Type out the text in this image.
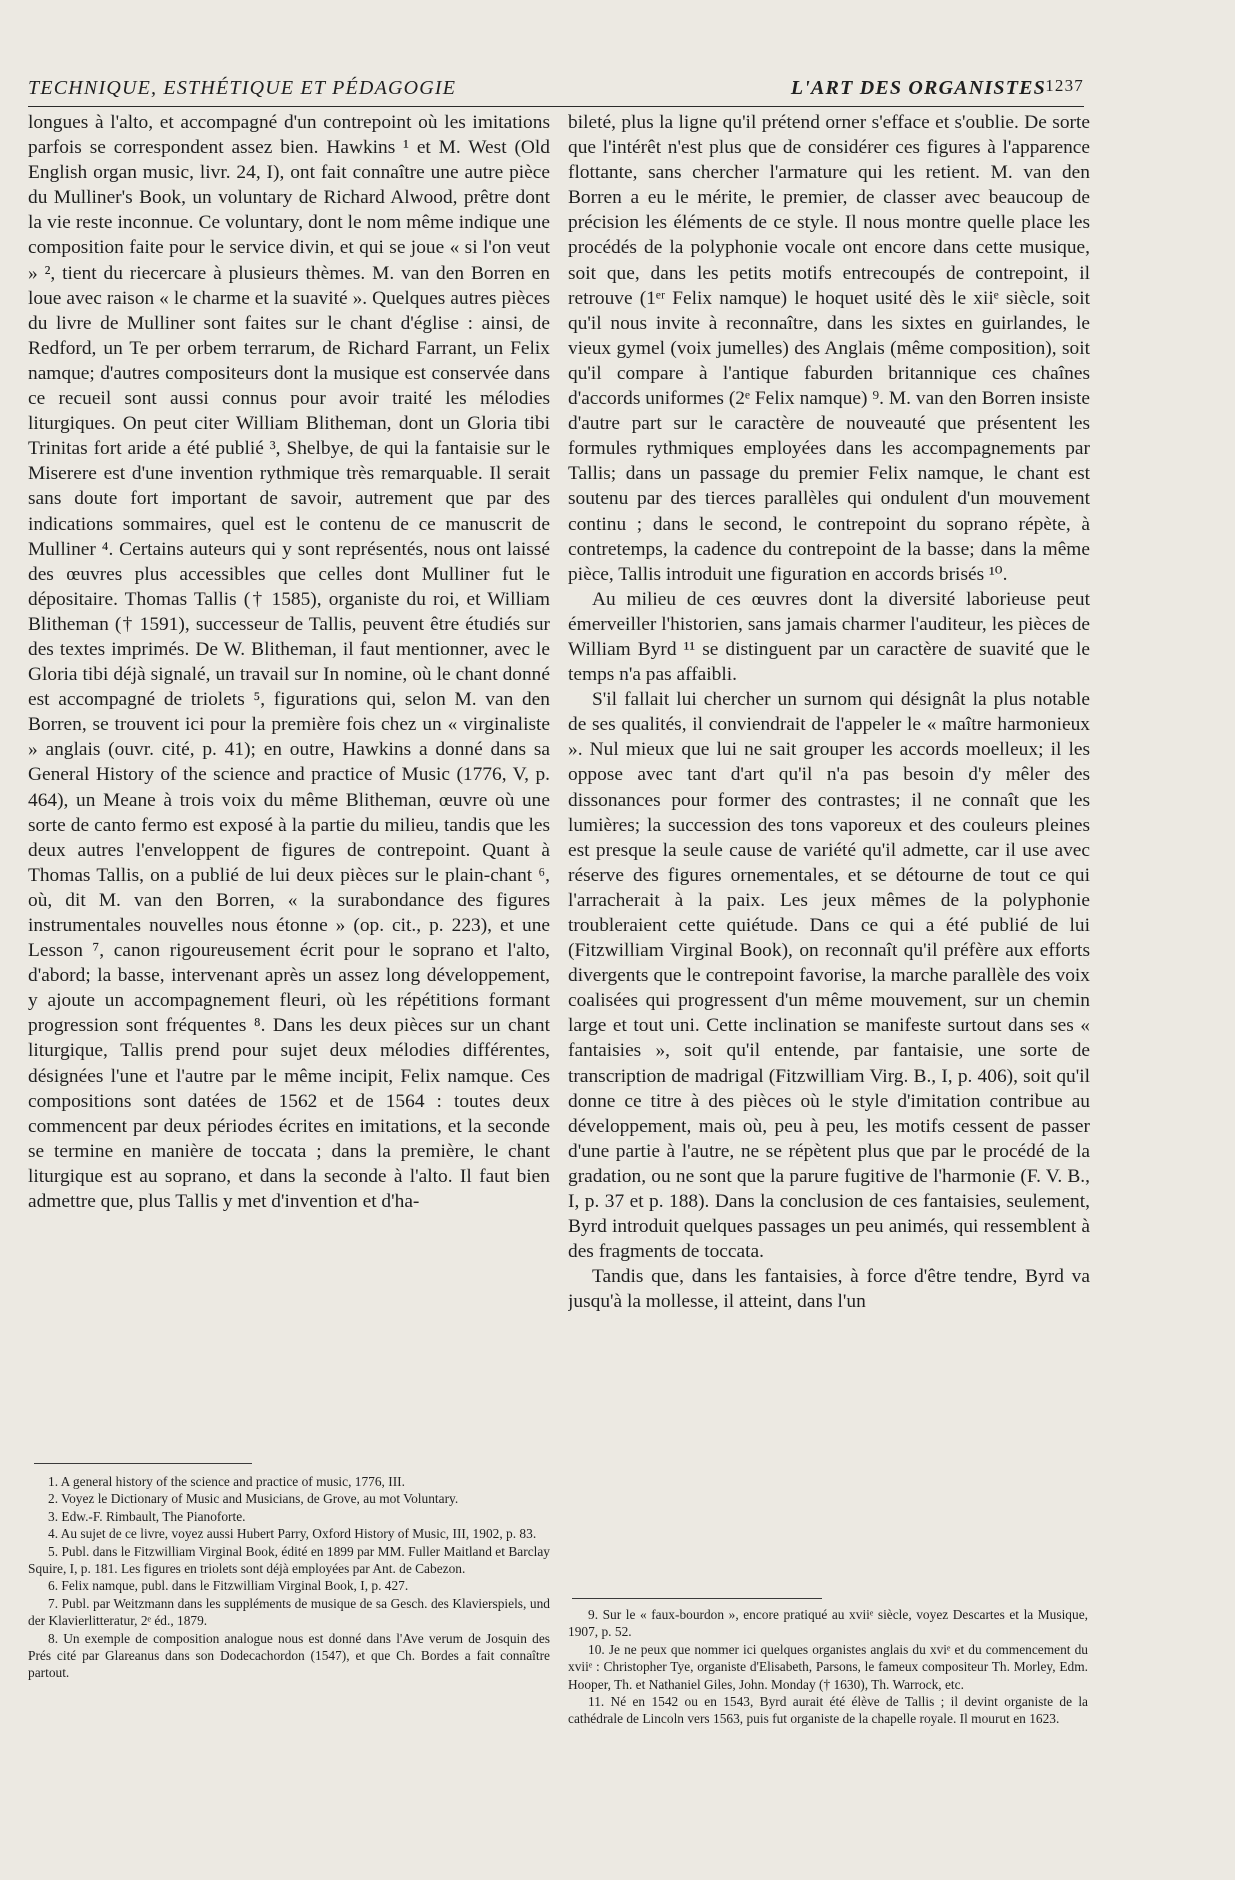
TECHNIQUE, ESTHÉTIQUE ET PÉDAGOGIE	L'ART DES ORGANISTES 1237

longues à l'alto, et accompagné d'un contrepoint où les imitations parfois se correspondent assez bien. Hawkins ¹ et M. West (Old English organ music, livr. 24, I), ont fait connaître une autre pièce du Mulliner's Book, un voluntary de Richard Alwood, prêtre dont la vie reste inconnue. Ce voluntary, dont le nom même indique une composition faite pour le service divin, et qui se joue « si l'on veut » ², tient du riecercare à plusieurs thèmes. M. van den Borren en loue avec raison « le charme et la suavité ». Quelques autres pièces du livre de Mulliner sont faites sur le chant d'église : ainsi, de Redford, un Te per orbem terrarum, de Richard Farrant, un Felix namque; d'autres compositeurs dont la musique est conservée dans ce recueil sont aussi connus pour avoir traité les mélodies liturgiques. On peut citer William Blitheman, dont un Gloria tibi Trinitas fort aride a été publié ³, Shelbye, de qui la fantaisie sur le Miserere est d'une invention rythmique très remarquable. Il serait sans doute fort important de savoir, autrement que par des indications sommaires, quel est le contenu de ce manuscrit de Mulliner ⁴. Certains auteurs qui y sont représentés, nous ont laissé des œuvres plus accessibles que celles dont Mulliner fut le dépositaire. Thomas Tallis († 1585), organiste du roi, et William Blitheman († 1591), successeur de Tallis, peuvent être étudiés sur des textes imprimés. De W. Blitheman, il faut mentionner, avec le Gloria tibi déjà signalé, un travail sur In nomine, où le chant donné est accompagné de triolets ⁵, figurations qui, selon M. van den Borren, se trouvent ici pour la première fois chez un « virginaliste » anglais (ouvr. cité, p. 41); en outre, Hawkins a donné dans sa General History of the science and practice of Music (1776, V, p. 464), un Meane à trois voix du même Blitheman, œuvre où une sorte de canto fermo est exposé à la partie du milieu, tandis que les deux autres l'enveloppent de figures de contrepoint. Quant à Thomas Tallis, on a publié de lui deux pièces sur le plain-chant ⁶, où, dit M. van den Borren, « la surabondance des figures instrumentales nouvelles nous étonne » (op. cit., p. 223), et une Lesson ⁷, canon rigoureusement écrit pour le soprano et l'alto, d'abord; la basse, intervenant après un assez long développement, y ajoute un accompagnement fleuri, où les répétitions formant progression sont fréquentes ⁸. Dans les deux pièces sur un chant liturgique, Tallis prend pour sujet deux mélodies différentes, désignées l'une et l'autre par le même incipit, Felix namque. Ces compositions sont datées de 1562 et de 1564 : toutes deux commencent par deux périodes écrites en imitations, et la seconde se termine en manière de toccata ; dans la première, le chant liturgique est au soprano, et dans la seconde à l'alto. Il faut bien admettre que, plus Tallis y met d'invention et d'ha-

bileté, plus la ligne qu'il prétend orner s'efface et s'oublie. De sorte que l'intérêt n'est plus que de considérer ces figures à l'apparence flottante, sans chercher l'armature qui les retient. M. van den Borren a eu le mérite, le premier, de classer avec beaucoup de précision les éléments de ce style. Il nous montre quelle place les procédés de la polyphonie vocale ont encore dans cette musique, soit que, dans les petits motifs entrecoupés de contrepoint, il retrouve (1ᵉʳ Felix namque) le hoquet usité dès le xiiᵉ siècle, soit qu'il nous invite à reconnaître, dans les sixtes en guirlandes, le vieux gymel (voix jumelles) des Anglais (même composition), soit qu'il compare à l'antique faburden britannique ces chaînes d'accords uniformes (2ᵉ Felix namque) ⁹. M. van den Borren insiste d'autre part sur le caractère de nouveauté que présentent les formules rythmiques employées dans les accompagnements par Tallis; dans un passage du premier Felix namque, le chant est soutenu par des tierces parallèles qui ondulent d'un mouvement continu ; dans le second, le contrepoint du soprano répète, à contretemps, la cadence du contrepoint de la basse; dans la même pièce, Tallis introduit une figuration en accords brisés ¹⁰.

Au milieu de ces œuvres dont la diversité laborieuse peut émerveiller l'historien, sans jamais charmer l'auditeur, les pièces de William Byrd ¹¹ se distinguent par un caractère de suavité que le temps n'a pas affaibli.

S'il fallait lui chercher un surnom qui désignât la plus notable de ses qualités, il conviendrait de l'appeler le « maître harmonieux ». Nul mieux que lui ne sait grouper les accords moelleux; il les oppose avec tant d'art qu'il n'a pas besoin d'y mêler des dissonances pour former des contrastes; il ne connaît que les lumières; la succession des tons vaporeux et des couleurs pleines est presque la seule cause de variété qu'il admette, car il use avec réserve des figures ornementales, et se détourne de tout ce qui l'arracherait à la paix. Les jeux mêmes de la polyphonie troubleraient cette quiétude. Dans ce qui a été publié de lui (Fitzwilliam Virginal Book), on reconnaît qu'il préfère aux efforts divergents que le contrepoint favorise, la marche parallèle des voix coalisées qui progressent d'un même mouvement, sur un chemin large et tout uni. Cette inclination se manifeste surtout dans ses « fantaisies », soit qu'il entende, par fantaisie, une sorte de transcription de madrigal (Fitzwilliam Virg. B., I, p. 406), soit qu'il donne ce titre à des pièces où le style d'imitation contribue au développement, mais où, peu à peu, les motifs cessent de passer d'une partie à l'autre, ne se répètent plus que par le procédé de la gradation, ou ne sont que la parure fugitive de l'harmonie (F. V. B., I, p. 37 et p. 188). Dans la conclusion de ces fantaisies, seulement, Byrd introduit quelques passages un peu animés, qui ressemblent à des fragments de toccata.

Tandis que, dans les fantaisies, à force d'être tendre, Byrd va jusqu'à la mollesse, il atteint, dans l'un

1. A general history of the science and practice of music, 1776, III.

2. Voyez le Dictionary of Music and Musicians, de Grove, au mot Voluntary.

3. Edw.-F. Rimbault, The Pianoforte.

4. Au sujet de ce livre, voyez aussi Hubert Parry, Oxford History of Music, III, 1902, p. 83.

5. Publ. dans le Fitzwilliam Virginal Book, édité en 1899 par MM. Fuller Maitland et Barclay Squire, I, p. 181. Les figures en triolets sont déjà employées par Ant. de Cabezon.

6. Felix namque, publ. dans le Fitzwilliam Virginal Book, I, p. 427.

7. Publ. par Weitzmann dans les suppléments de musique de sa Gesch. des Klavierspiels, und der Klavierlitteratur, 2ᵉ éd., 1879.

8. Un exemple de composition analogue nous est donné dans l'Ave verum de Josquin des Prés cité par Glareanus dans son Dodecachordon (1547), et que Ch. Bordes a fait connaître partout.

9. Sur le « faux-bourdon », encore pratiqué au xviiᵉ siècle, voyez Descartes et la Musique, 1907, p. 52.

10. Je ne peux que nommer ici quelques organistes anglais du xviᵉ et du commencement du xviiᵉ : Christopher Tye, organiste d'Elisabeth, Parsons, le fameux compositeur Th. Morley, Edm. Hooper, Th. et Nathaniel Giles, John. Monday († 1630), Th. Warrock, etc.

11. Né en 1542 ou en 1543, Byrd aurait été élève de Tallis ; il devint organiste de la cathédrale de Lincoln vers 1563, puis fut organiste de la chapelle royale. Il mourut en 1623.
